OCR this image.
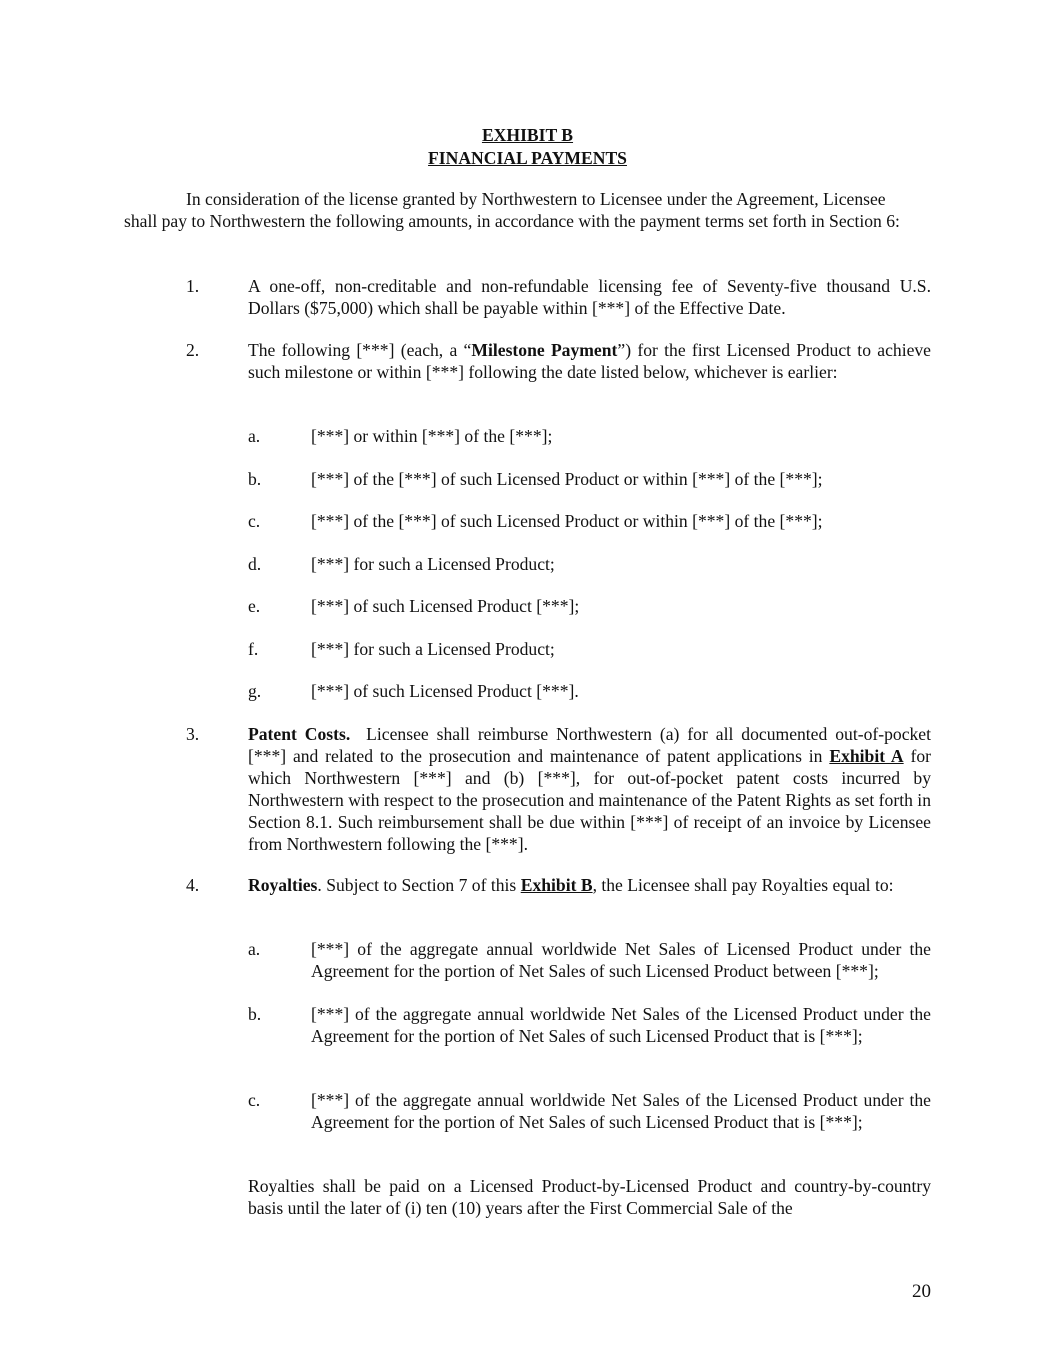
EXHIBIT B
FINANCIAL PAYMENTS
In consideration of the license granted by Northwestern to Licensee under the Agreement, Licensee shall pay to Northwestern the following amounts, in accordance with the payment terms set forth in Section 6:
1.	A one-off, non-creditable and non-refundable licensing fee of Seventy-five thousand U.S. Dollars ($75,000) which shall be payable within [***] of the Effective Date.
2.	The following [***] (each, a “Milestone Payment”) for the first Licensed Product to achieve such milestone or within [***] following the date listed below, whichever is earlier:
a.	[***] or within [***] of the [***];
b.	[***] of the [***] of such Licensed Product or within [***] of the [***];
c.	[***] of the [***] of such Licensed Product or within [***] of the [***];
d.	[***] for such a Licensed Product;
e.	[***] of such Licensed Product [***];
f.	[***] for such a Licensed Product;
g.	[***] of such Licensed Product [***].
3.	Patent Costs. Licensee shall reimburse Northwestern (a) for all documented out-of-pocket [***] and related to the prosecution and maintenance of patent applications in Exhibit A for which Northwestern [***] and (b) [***], for out-of-pocket patent costs incurred by Northwestern with respect to the prosecution and maintenance of the Patent Rights as set forth in Section 8.1. Such reimbursement shall be due within [***] of receipt of an invoice by Licensee from Northwestern following the [***].
4.	Royalties. Subject to Section 7 of this Exhibit B, the Licensee shall pay Royalties equal to:
a.	[***] of the aggregate annual worldwide Net Sales of Licensed Product under the Agreement for the portion of Net Sales of such Licensed Product between [***];
b.	[***] of the aggregate annual worldwide Net Sales of the Licensed Product under the Agreement for the portion of Net Sales of such Licensed Product that is [***];
c.	[***] of the aggregate annual worldwide Net Sales of the Licensed Product under the Agreement for the portion of Net Sales of such Licensed Product that is [***];
Royalties shall be paid on a Licensed Product-by-Licensed Product and country-by-country basis until the later of (i) ten (10) years after the First Commercial Sale of the
20
